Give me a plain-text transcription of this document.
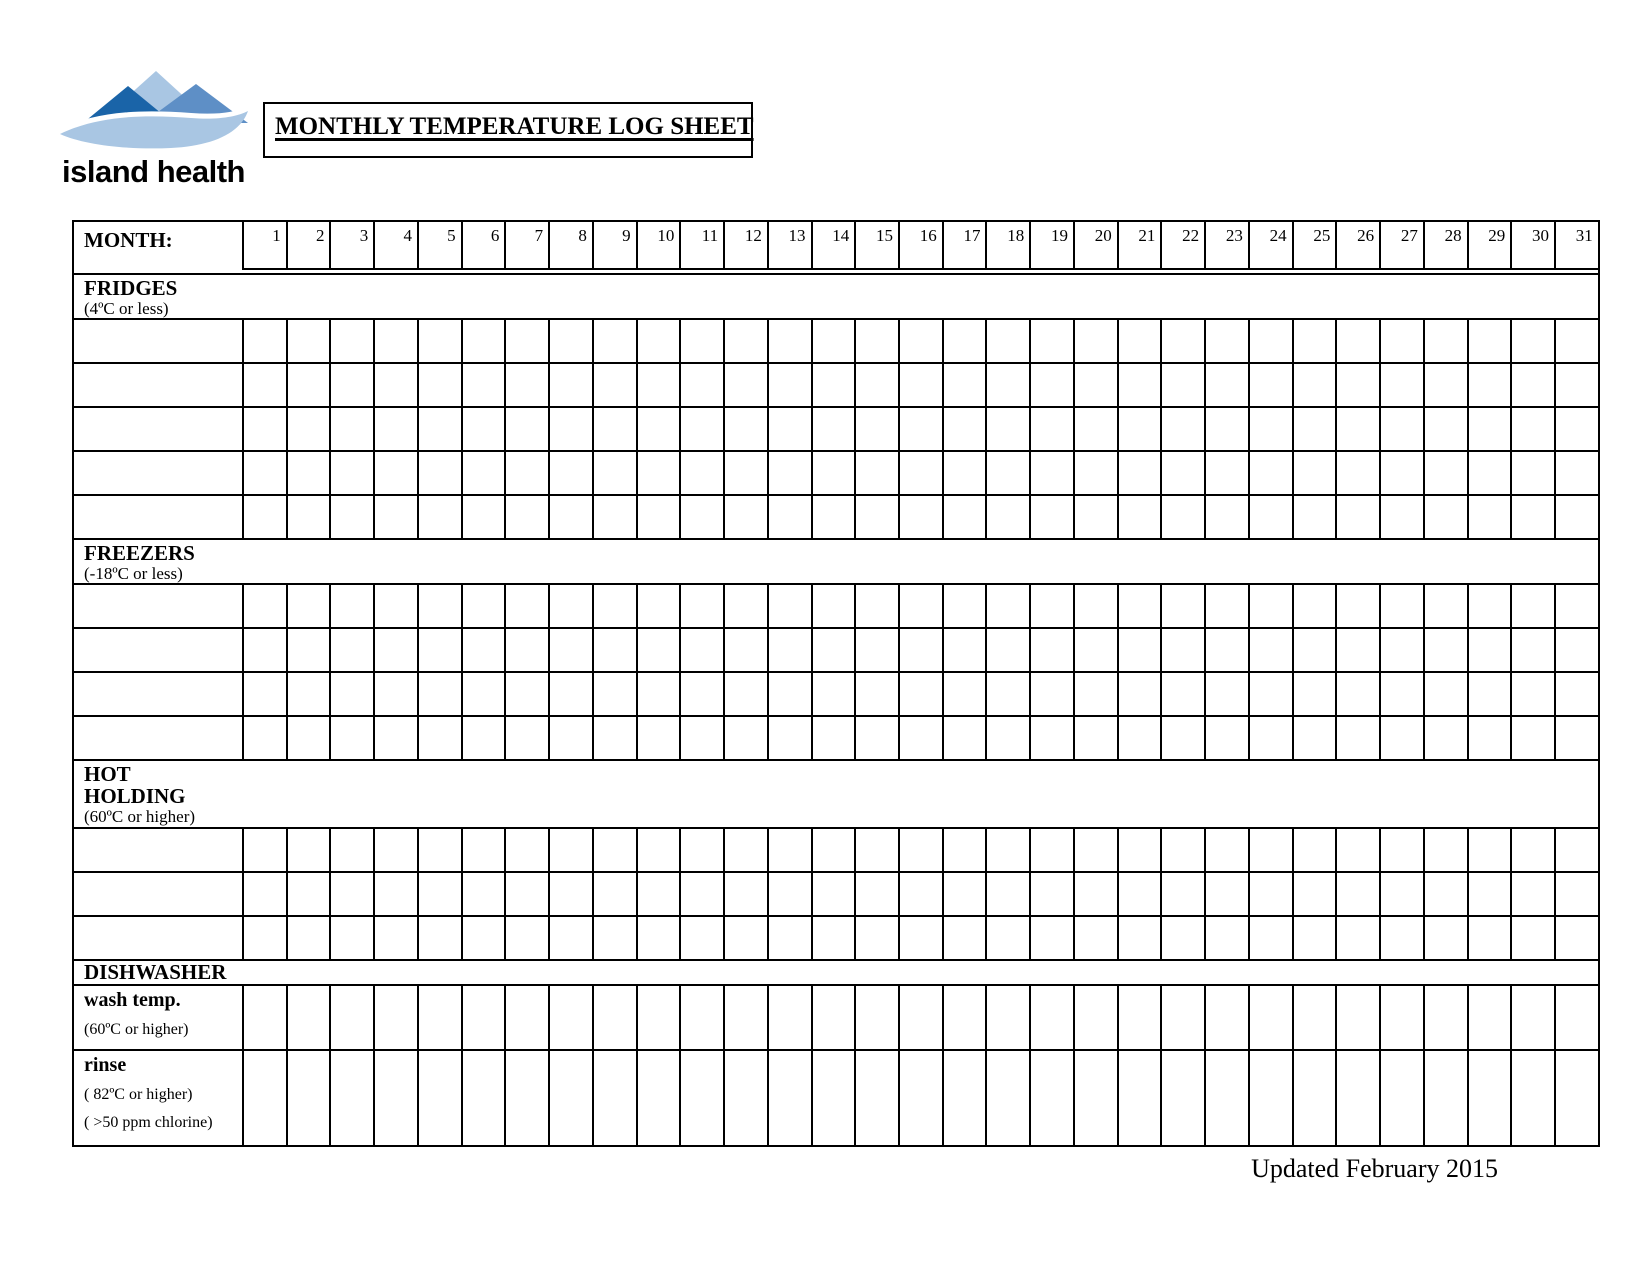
island health
MONTHLY TEMPERATURE LOG SHEET
MONTH:	1	2	3	4	5	6	7	8	9	10	11	12	13	14	15	16	17	18	19	20	21	22	23	24	25	26	27	28	29	30	31
FRIDGES
(4ºC or less)
FREEZERS
(-18ºC or less)
HOT
HOLDING
(60ºC or higher)
DISHWASHER
wash temp.
(60ºC or higher)
rinse
( 82ºC or higher)
( >50 ppm chlorine)
Updated February 2015
